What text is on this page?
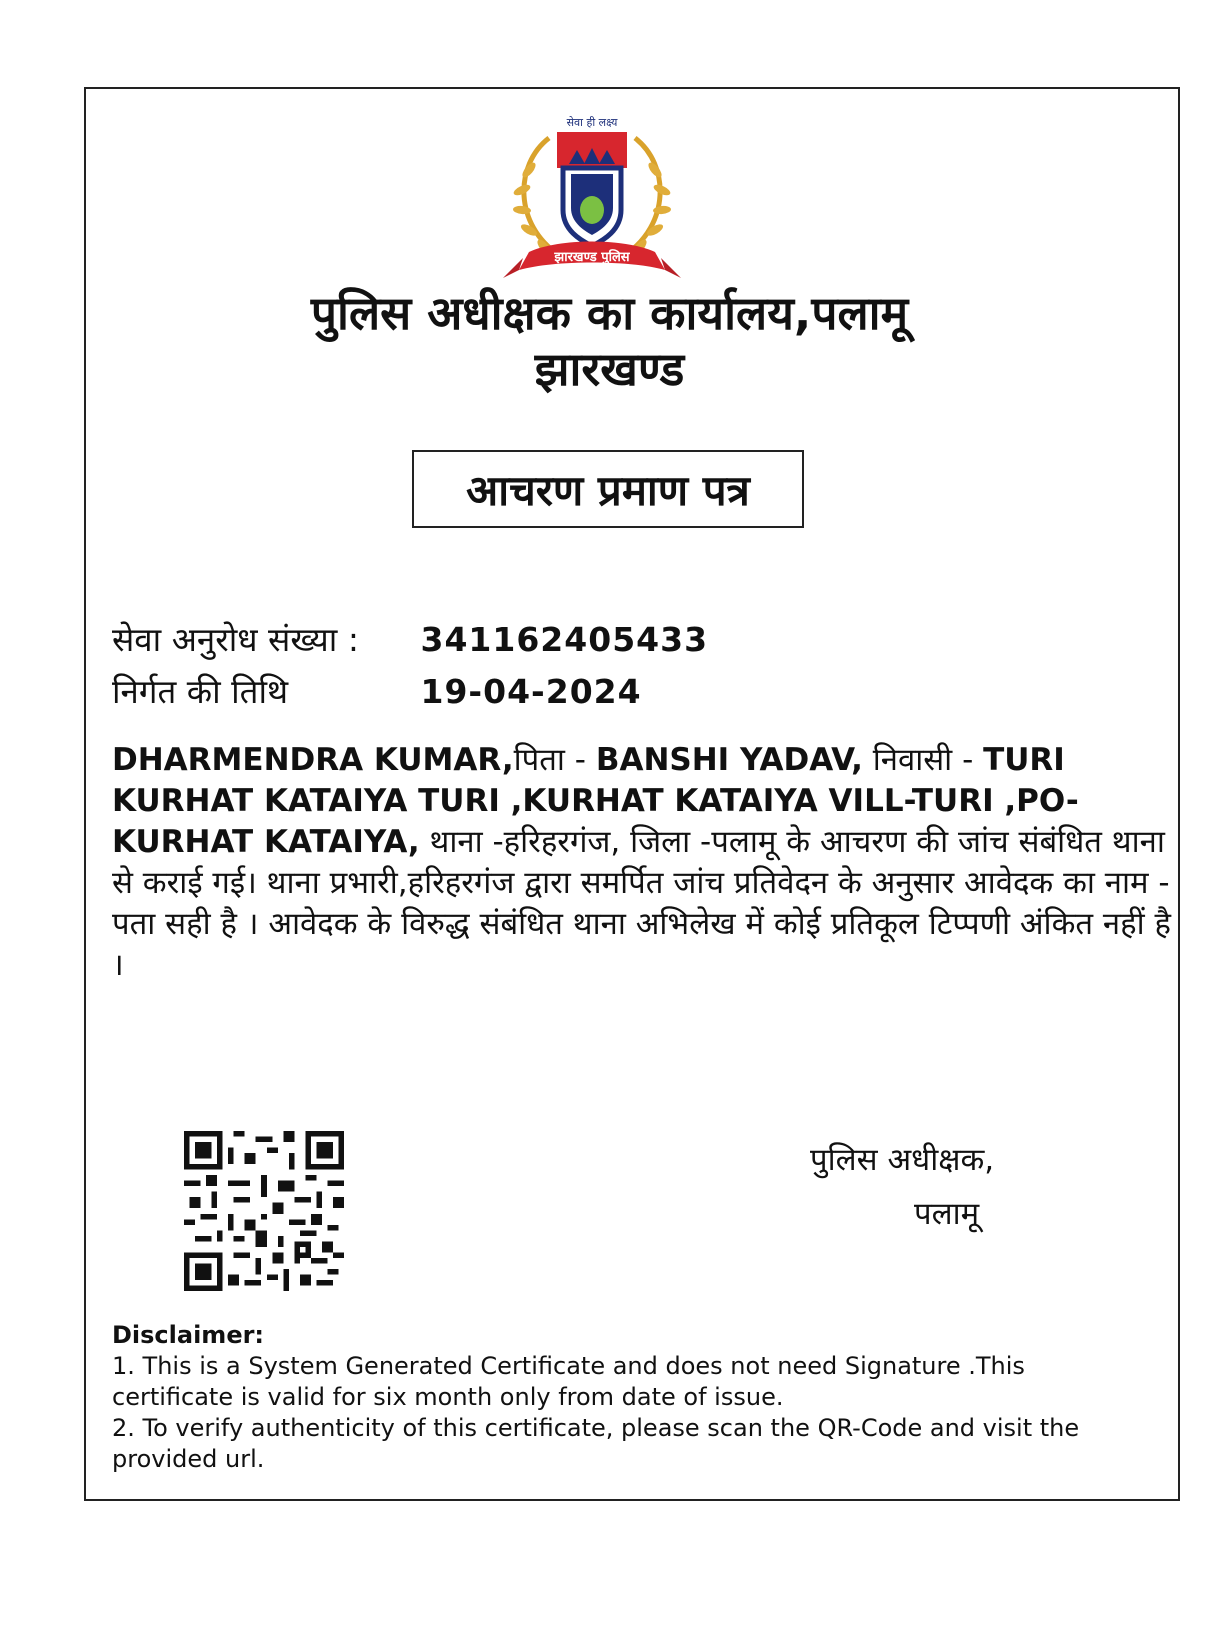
सेवा ही लक्ष्य
झारखण्ड पुलिस
पुलिस अधीक्षक का कार्यालय,पलामू
झारखण्ड
आचरण प्रमाण पत्र
सेवा अनुरोध संख्या : 341162405433
निर्गत की तिथि	19-04-2024

DHARMENDRA KUMAR,पिता - BANSHI YADAV, निवासी - TURI KURHAT KATAIYA TURI ,KURHAT KATAIYA VILL-TURI ,PO-KURHAT KATAIYA, थाना -हरिहरगंज, जिला -पलामू के आचरण की जांच संबंधित थाना से कराई गई। थाना प्रभारी,हरिहरगंज द्वारा समर्पित जांच प्रतिवेदन के अनुसार आवेदक का नाम - पता सही है । आवेदक के विरुद्ध संबंधित थाना अभिलेख में कोई प्रतिकूल टिप्पणी अंकित नहीं है ।

पुलिस अधीक्षक,
पलामू
Disclaimer:

1. This is a System Generated Certificate and does not need Signature .This certificate is valid for six month only from date of issue.

2. To verify authenticity of this certificate, please scan the QR-Code and visit the provided url.
